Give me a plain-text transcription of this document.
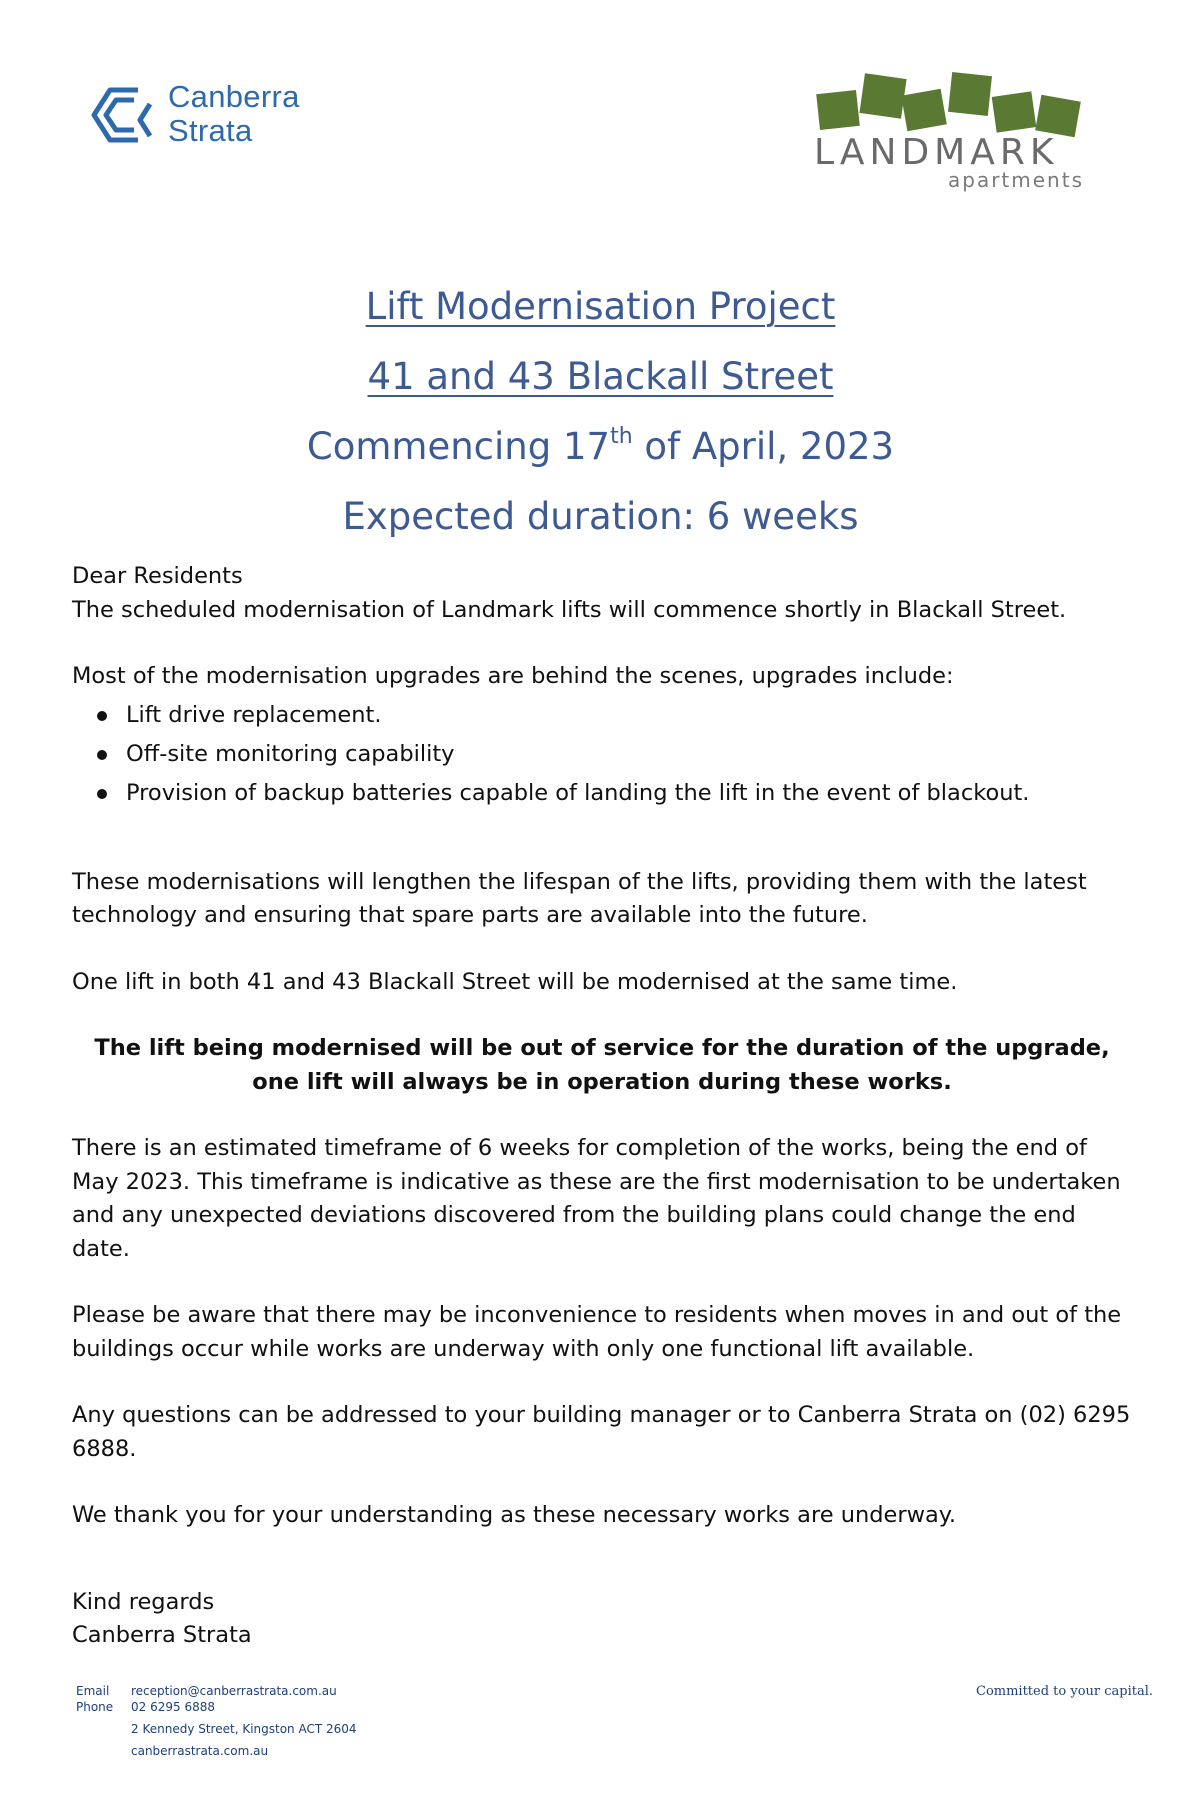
Canberra
Strata
LANDMARK
apartments
Lift Modernisation Project
41 and 43 Blackall Street
Commencing 17th of April, 2023
Expected duration: 6 weeks

Dear Residents

The scheduled modernisation of Landmark lifts will commence shortly in Blackall Street.

Most of the modernisation upgrades are behind the scenes, upgrades include:

Lift drive replacement.
Off-site monitoring capability
Provision of backup batteries capable of landing the lift in the event of blackout.

These modernisations will lengthen the lifespan of the lifts, providing them with the latest technology and ensuring that spare parts are available into the future.

One lift in both 41 and 43 Blackall Street will be modernised at the same time.

The lift being modernised will be out of service for the duration of the upgrade, one lift will always be in operation during these works.

There is an estimated timeframe of 6 weeks for completion of the works, being the end of May 2023. This timeframe is indicative as these are the first modernisation to be undertaken and any unexpected deviations discovered from the building plans could change the end date.

Please be aware that there may be inconvenience to residents when moves in and out of the buildings occur while works are underway with only one functional lift available.

Any questions can be addressed to your building manager or to Canberra Strata on (02) 6295 6888.

We thank you for your understanding as these necessary works are underway.

Kind regards

Canberra Strata

Email	reception@canberrastrata.com.au
Phone	02 6295 6888
2 Kennedy Street, Kingston ACT 2604
canberrastrata.com.au
Committed to your capital.
